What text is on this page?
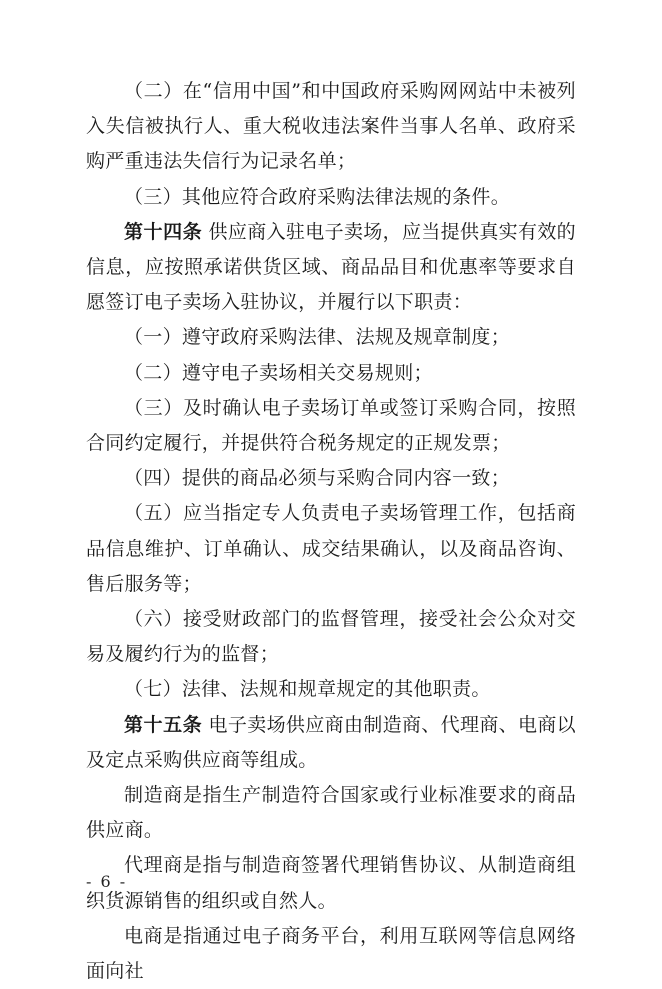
（二）在“信用中国”和中国政府采购网网站中未被列入失信被执行人、重大税收违法案件当事人名单、政府采购严重违法失信行为记录名单；

（三）其他应符合政府采购法律法规的条件。

第十四条 供应商入驻电子卖场，应当提供真实有效的信息，应按照承诺供货区域、商品品目和优惠率等要求自愿签订电子卖场入驻协议，并履行以下职责：

（一）遵守政府采购法律、法规及规章制度；

（二）遵守电子卖场相关交易规则；

（三）及时确认电子卖场订单或签订采购合同，按照合同约定履行，并提供符合税务规定的正规发票；

（四）提供的商品必须与采购合同内容一致；

（五）应当指定专人负责电子卖场管理工作，包括商品信息维护、订单确认、成交结果确认，以及商品咨询、售后服务等；

（六）接受财政部门的监督管理，接受社会公众对交易及履约行为的监督；

（七）法律、法规和规章规定的其他职责。

第十五条 电子卖场供应商由制造商、代理商、电商以及定点采购供应商等组成。

制造商是指生产制造符合国家或行业标准要求的商品供应商。

代理商是指与制造商签署代理销售协议、从制造商组织货源销售的组织或自然人。

电商是指通过电子商务平台，利用互联网等信息网络面向社

- 6 -
